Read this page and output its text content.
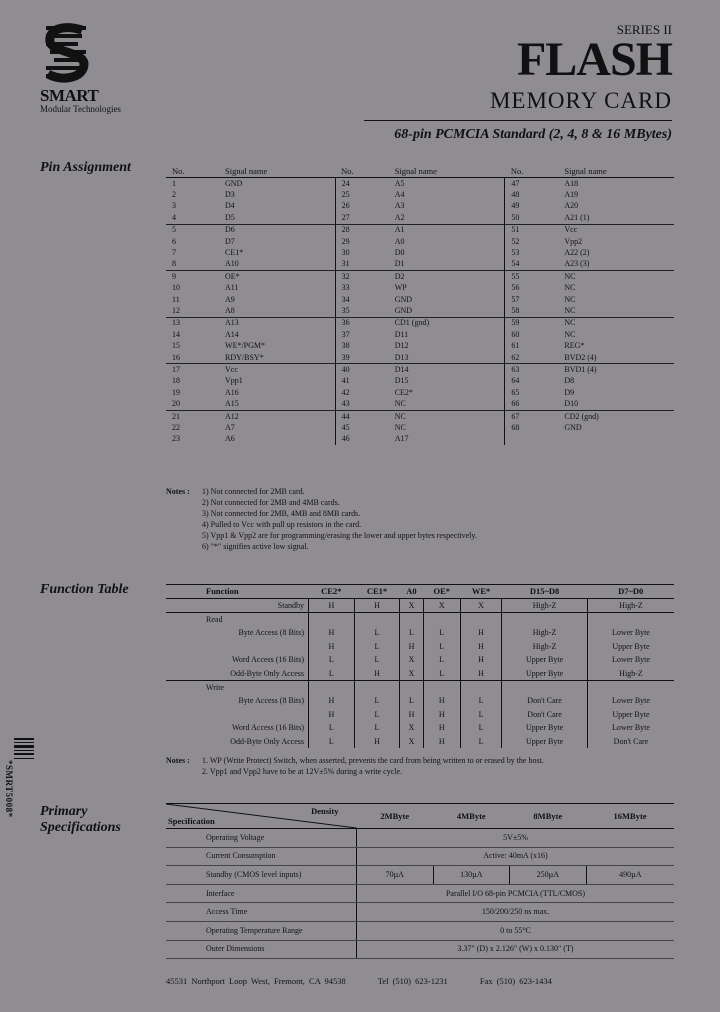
SMART
Modular Technologies
SERIES II
FLASH
MEMORY CARD
68-pin PCMCIA Standard (2, 4, 8 & 16 MBytes)
Pin Assignment	No.	Signal name	No.	Signal name	No.	Signal name
1	GND	24	A5	47	A18
2	D3	25	A4	48	A19
3	D4	26	A3	49	A20
4	D5	27	A2	50	A21 (1)
5	D6	28	A1	51	Vcc
6	D7	29	A0	52	Vpp2
7	CE1*	30	D0	53	A22 (2)
8	A10	31	D1	54	A23 (3)
9	OE*	32	D2	55	NC
10	A11	33	WP	56	NC
11	A9	34	GND	57	NC
12	A8	35	GND	58	NC
13	A13	36	CD1 (gnd)	59	NC
14	A14	37	D11	60	NC
15	WE*/PGM*	38	D12	61	REG*
16	RDY/BSY*	39	D13	62	BVD2 (4)
17	Vcc	40	D14	63	BVD1 (4)
18	Vpp1	41	D15	64	D8
19	A16	42	CE2*	65	D9
20	A15	43	NC	66	D10
21	A12	44	NC	67	CD2 (gnd)
22	A7	45	NC	68	GND
23	A6	46	A17		
Notes : 1) Not connected for 2MB card.
2) Not connected for 2MB and 4MB cards.
3) Not connected for 2MB, 4MB and 8MB cards.
4) Pulled to Vcc with pull up resistors in the card.
5) Vpp1 & Vpp2 are for programming/erasing the lower and upper bytes respectively.
6) "*" signifies active low signal.
Function Table	Function	CE2*	CE1*	A0	OE*	WE*	D15~D8	D7~D0
Standby	H	H	X	X	X	High-Z	High-Z
Read							
Byte Access (8 Bits)	H	L	L	L	H	High-Z	Lower Byte
	H	L	H	L	H	High-Z	Upper Byte
Word Access (16 Bits)	L	L	X	L	H	Upper Byte	Lower Byte
Odd-Byte Only Access	L	H	X	L	H	Upper Byte	High-Z
Write							
Byte Access (8 Bits)	H	L	L	H	L	Don't Care	Lower Byte
	H	L	H	H	L	Don't Care	Upper Byte
Word Access (16 Bits)	L	L	X	H	L	Upper Byte	Lower Byte
Odd-Byte Only Access	L	H	X	H	L	Upper Byte	Don't Care
Notes : 1. WP (Write Protect) Switch, when asserted, prevents the card from being written to or erased by the host.
2. Vpp1 and Vpp2 have to be at 12V±5% during a write cycle.
*SMRT5008* Primary
Specifications	Specification
Density	2MByte	4MByte	8MByte	16MByte
Operating Voltage	5V±5%			
Current Consumption	Active: 40mA (x16)			
Standby (CMOS level inputs)	70µA	130µA	250µA	490µA
Interface	Parallel I/O 68-pin PCMCIA (TTL/CMOS)			
Access Time	150/200/250 ns max.			
Operating Temperature Range	0 to 55°C			
Outer Dimensions	3.37" (D) x 2.126" (W) x 0.130" (T)			
45531 Northport Loop West, Fremont, CA 94538	Tel (510) 623-1231	Fax (510) 623-1434
